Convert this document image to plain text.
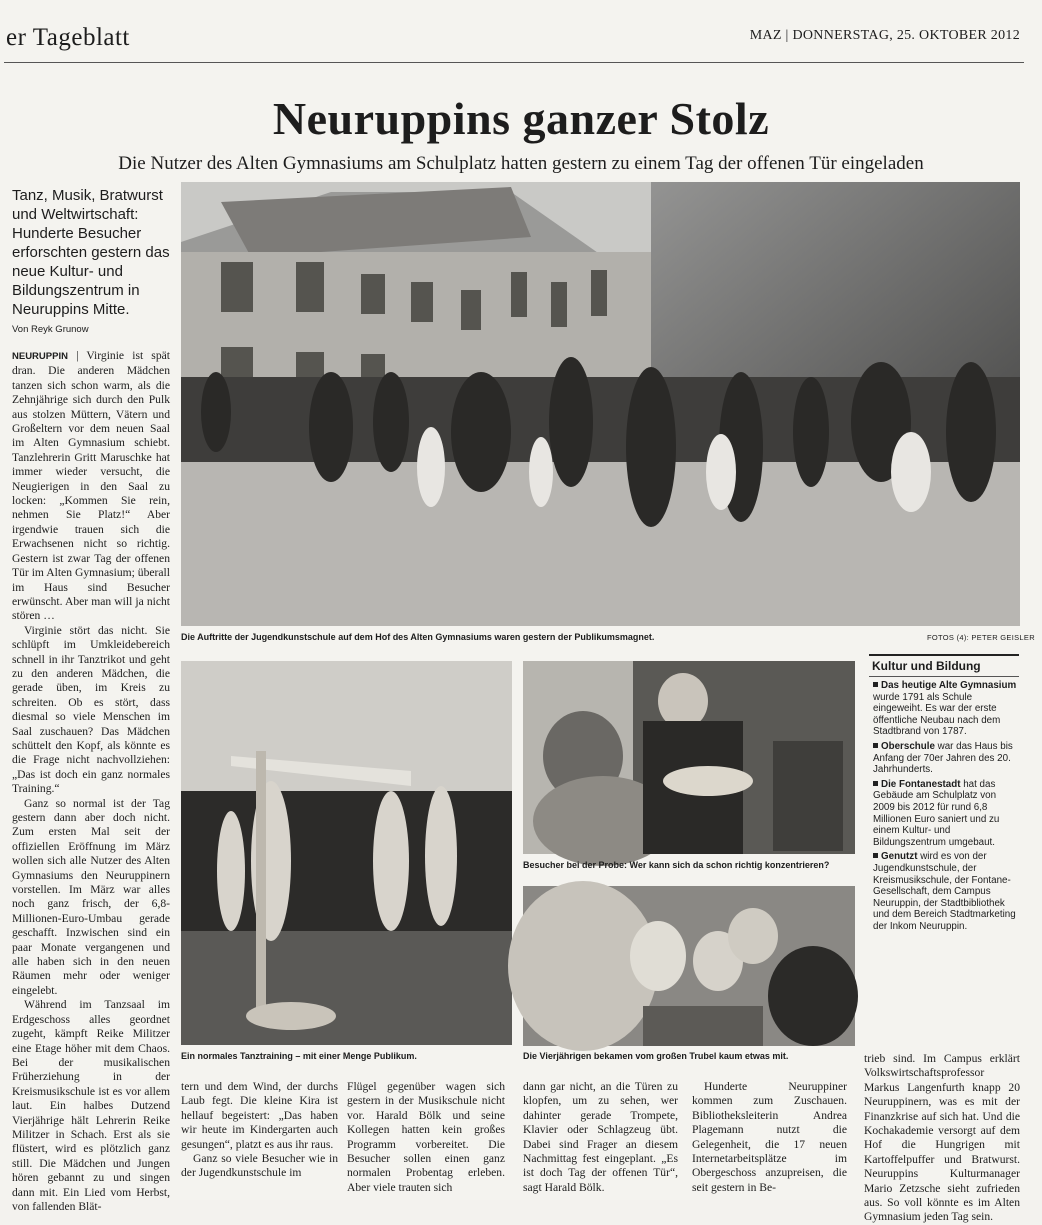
er Tageblatt	MAZ | DONNERSTAG, 25. OKTOBER 2012
Neuruppins ganzer Stolz
Die Nutzer des Alten Gymnasiums am Schulplatz hatten gestern zu einem Tag der offenen Tür eingeladen
Tanz, Musik, Bratwurst und Weltwirtschaft: Hunderte Besucher erforschten gestern das neue Kultur- und Bildungszentrum in Neuruppins Mitte.
Von Reyk Grunow

NEURUPPIN | Virginie ist spät dran. Die anderen Mädchen tanzen sich schon warm, als die Zehnjährige sich durch den Pulk aus stolzen Müttern, Vätern und Großeltern vor dem neuen Saal im Alten Gymnasium schiebt. Tanzlehrerin Gritt Maruschke hat immer wieder versucht, die Neugierigen in den Saal zu locken: „Kommen Sie rein, nehmen Sie Platz!“ Aber irgendwie trauen sich die Erwachsenen nicht so richtig. Gestern ist zwar Tag der offenen Tür im Alten Gymnasium; überall im Haus sind Besucher erwünscht. Aber man will ja nicht stören …

Virginie stört das nicht. Sie schlüpft im Umkleidebereich schnell in ihr Tanztrikot und geht zu den anderen Mädchen, die gerade üben, im Kreis zu schreiten. Ob es stört, dass diesmal so viele Menschen im Saal zuschauen? Das Mädchen schüttelt den Kopf, als könnte es die Frage nicht nachvollziehen: „Das ist doch ein ganz normales Training.“

Ganz so normal ist der Tag gestern dann aber doch nicht. Zum ersten Mal seit der offiziellen Eröffnung im März wollen sich alle Nutzer des Alten Gymnasiums den Neuruppinern vorstellen. Im März war alles noch ganz frisch, der 6,8-Millionen-Euro-Umbau gerade geschafft. Inzwischen sind ein paar Monate vergangenen und alle haben sich in den neuen Räumen mehr oder weniger eingelebt.

Während im Tanzsaal im Erdgeschoss alles geordnet zugeht, kämpft Reike Militzer eine Etage höher mit dem Chaos. Bei der musikalischen Früherziehung in der Kreismusikschule ist es vor allem laut. Ein halbes Dutzend Vierjährige hält Lehrerin Reike Militzer in Schach. Erst als sie flüstert, wird es plötzlich ganz still. Die Mädchen und Jungen hören gebannt zu und singen dann mit. Ein Lied vom Herbst, von fallenden Blät-

Die Auftritte der Jugendkunstschule auf dem Hof des Alten Gymnasiums waren gestern der Publikumsmagnet.	FOTOS (4): PETER GEISLER
Ein normales Tanztraining – mit einer Menge Publikum.
Besucher bei der Probe: Wer kann sich da schon richtig konzentrieren?
Die Vierjährigen bekamen vom großen Trubel kaum etwas mit.
Kultur und Bildung
Das heutige Alte Gymnasium wurde 1791 als Schule eingeweiht. Es war der erste öffentliche Neubau nach dem Stadtbrand von 1787.
Oberschule war das Haus bis Anfang der 70er Jahren des 20. Jahrhunderts.
Die Fontanestadt hat das Gebäude am Schulplatz von 2009 bis 2012 für rund 6,8 Millionen Euro saniert und zu einem Kultur- und Bildungszentrum umgebaut.
Genutzt wird es von der Jugendkunstschule, der Kreismusikschule, der Fontane-Gesellschaft, dem Campus Neuruppin, der Stadtbibliothek und dem Bereich Stadtmarketing der Inkom Neuruppin.

tern und dem Wind, der durchs Laub fegt. Die kleine Kira ist hellauf begeistert: „Das haben wir heute im Kindergarten auch gesungen“, platzt es aus ihr raus.

Ganz so viele Besucher wie in der Jugendkunstschule im

Flügel gegenüber wagen sich gestern in der Musikschule nicht vor. Harald Bölk und seine Kollegen hatten kein großes Programm vorbereitet. Die Besucher sollen einen ganz normalen Probentag erleben. Aber viele trauten sich

dann gar nicht, an die Türen zu klopfen, um zu sehen, wer dahinter gerade Trompete, Klavier oder Schlagzeug übt. Dabei sind Frager an diesem Nachmittag fest eingeplant. „Es ist doch Tag der offenen Tür“, sagt Harald Bölk.

Hunderte Neuruppiner kommen zum Zuschauen. Bibliotheksleiterin Andrea Plagemann nutzt die Gelegenheit, die 17 neuen Internetarbeitsplätze im Obergeschoss anzupreisen, die seit gestern in Be-

trieb sind. Im Campus erklärt Volkswirtschaftsprofessor Markus Langenfurth knapp 20 Neuruppinern, was es mit der Finanzkrise auf sich hat. Und die Kochakademie versorgt auf dem Hof die Hungrigen mit Kartoffelpuffer und Bratwurst. Neuruppins Kulturmanager Mario Zetzsche sieht zufrieden aus. So voll könnte es im Alten Gymnasium jeden Tag sein.
